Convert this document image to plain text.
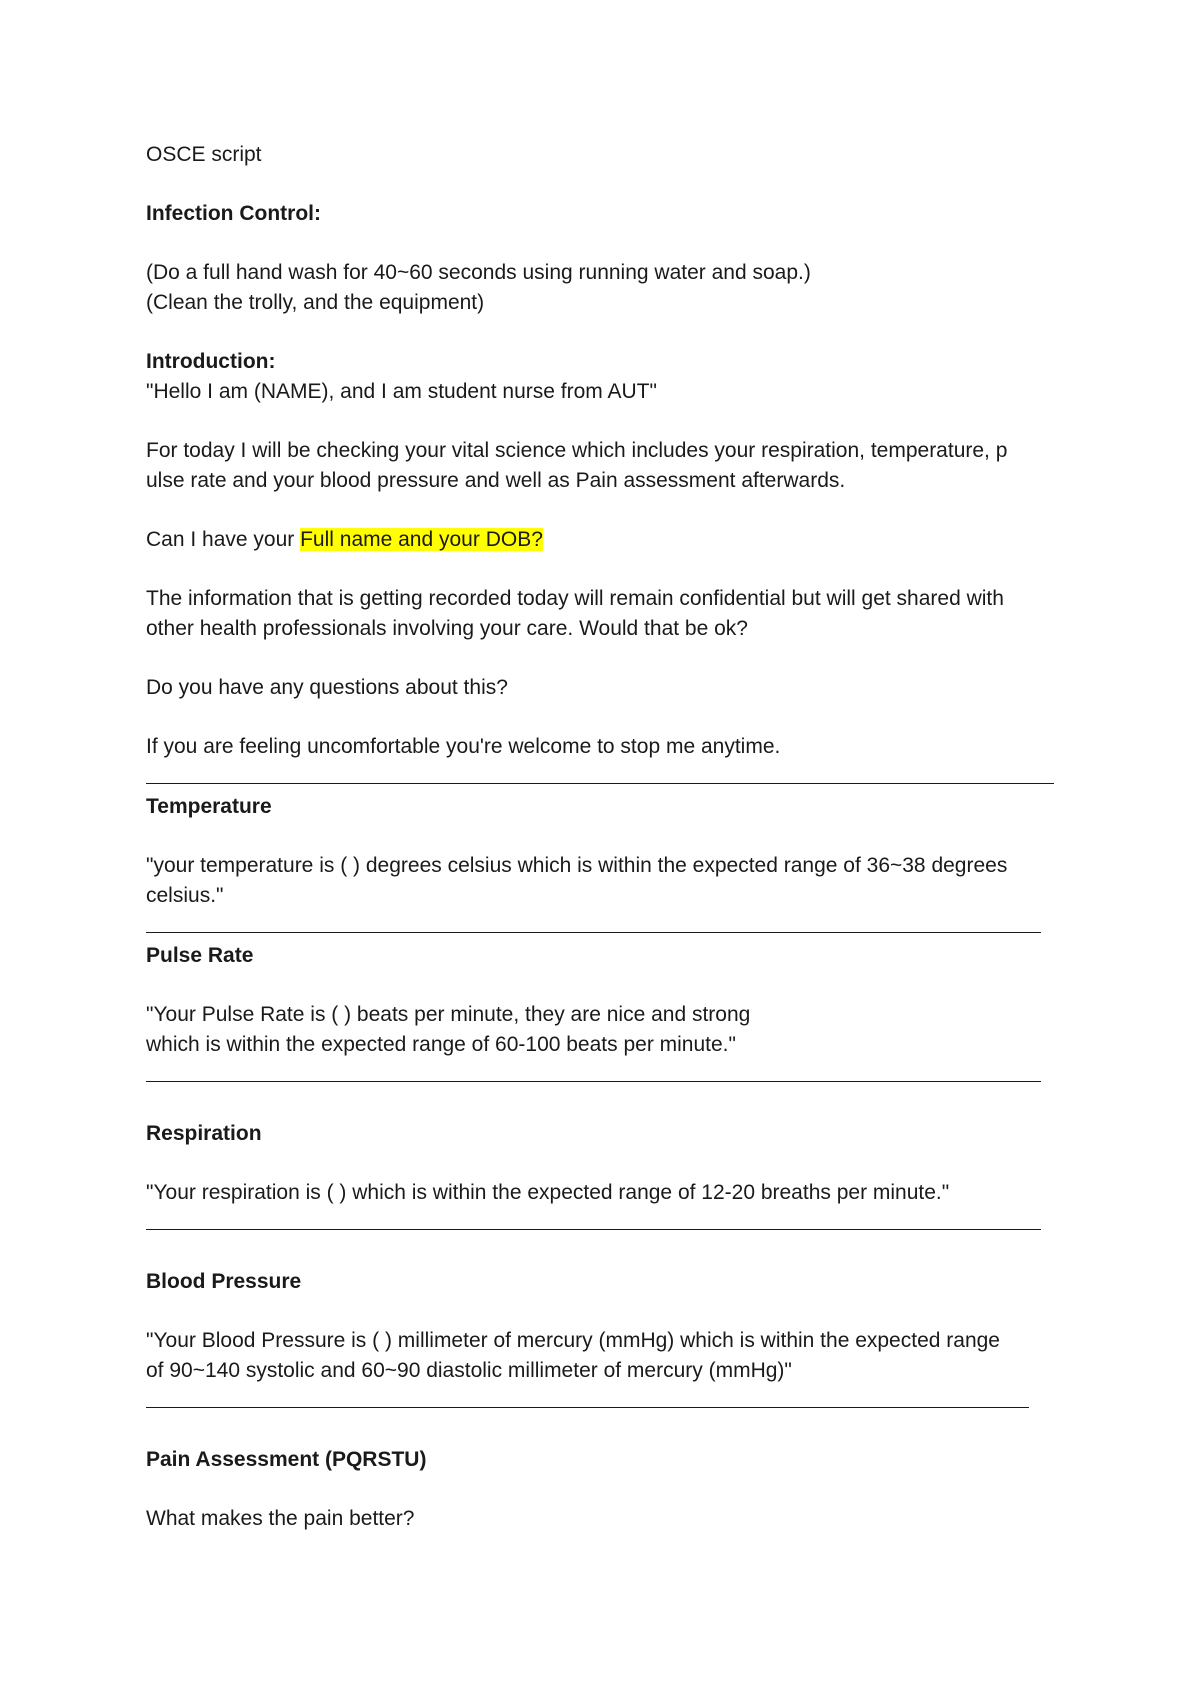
OSCE script
Infection Control:
(Do a full hand wash for 40~60 seconds using running water and soap.)
(Clean the trolly, and the equipment)
Introduction:
"Hello I am (NAME), and I am student nurse from AUT"
For today I will be checking your vital science which includes your respiration, temperature, p
ulse rate and your blood pressure and well as Pain assessment afterwards.
Can I have your Full name and your DOB?
The information that is getting recorded today will remain confidential but will get shared with
other health professionals involving your care. Would that be ok?
Do you have any questions about this?
If you are feeling uncomfortable you're welcome to stop me anytime.
Temperature
"your temperature is ( ) degrees celsius which is within the expected range of 36~38 degrees
celsius."
Pulse Rate
"Your Pulse Rate is ( ) beats per minute, they are nice and strong
which is within the expected range of 60-100 beats per minute."
Respiration
"Your respiration is ( ) which is within the expected range of 12-20 breaths per minute."
Blood Pressure
"Your Blood Pressure is ( ) millimeter of mercury (mmHg) which is within the expected range
of 90~140 systolic and 60~90 diastolic millimeter of mercury (mmHg)"
Pain Assessment (PQRSTU)
What makes the pain better?
